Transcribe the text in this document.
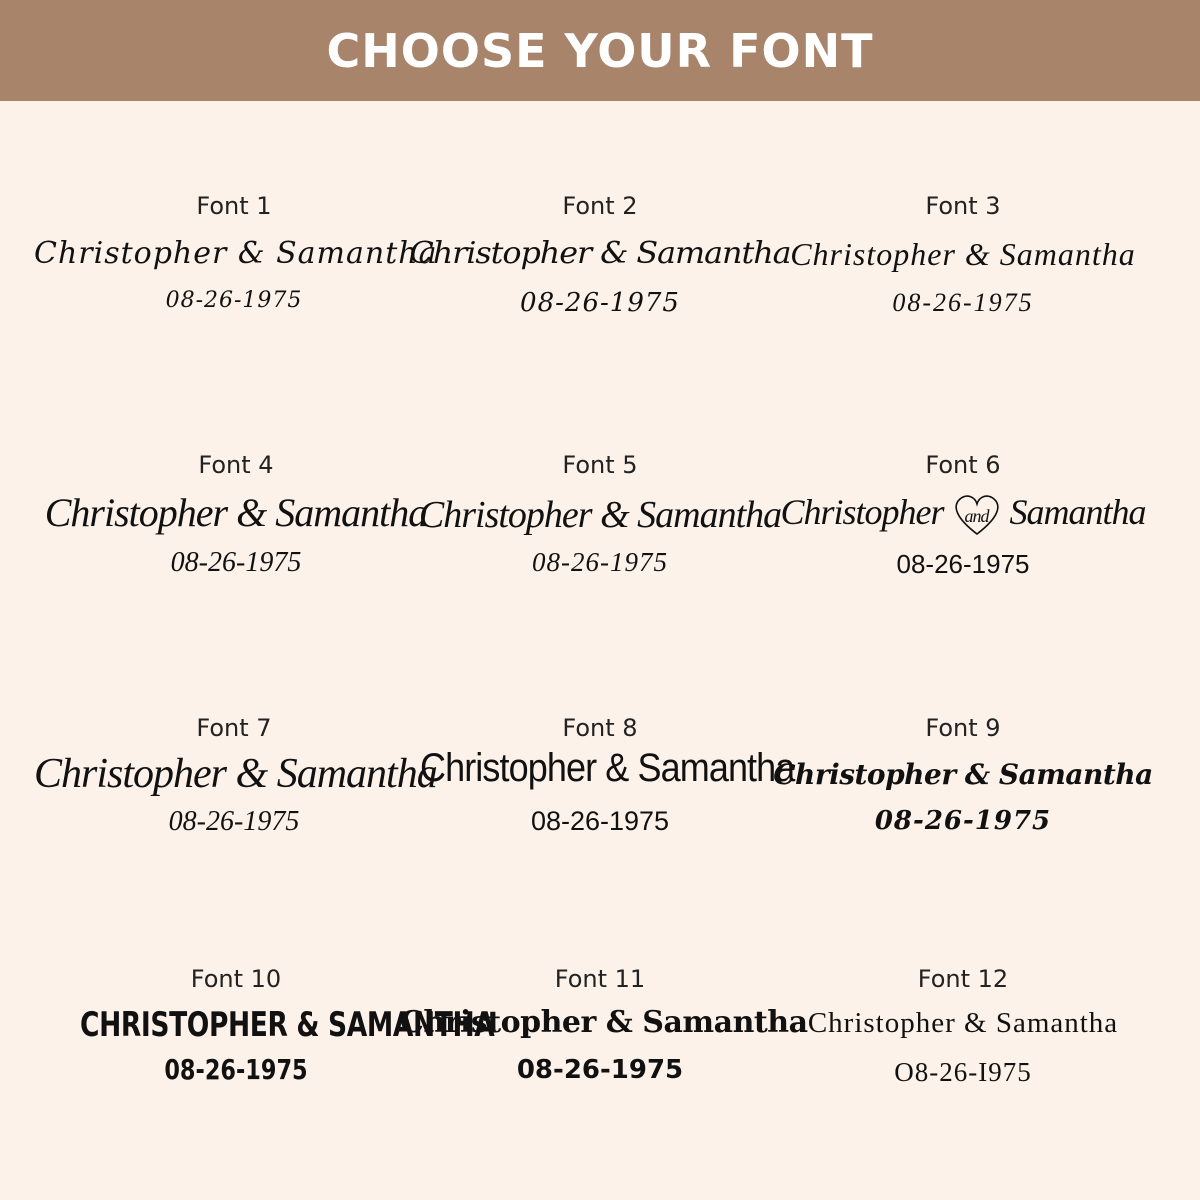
CHOOSE YOUR FONT
Font 1
Christopher & Samantha
08-26-1975
Font 2
Christopher & Samantha
08-26-1975
Font 3
Christopher & Samantha
08-26-1975
Font 4
Christopher & Samantha
08-26-1975
Font 5
Christopher & Samantha
08-26-1975
Font 6
Christopher	and Samantha
08-26-1975
Font 7
Christopher & Samantha
08-26-1975
Font 8
Christopher & Samantha
08-26-1975
Font 9
Christopher & Samantha
08-26-1975
Font 10
CHRISTOPHER & SAMANTHA
08-26-1975
Font 11
Christopher & Samantha
08-26-1975
Font 12
Christopher & Samantha
O8-26-I975
